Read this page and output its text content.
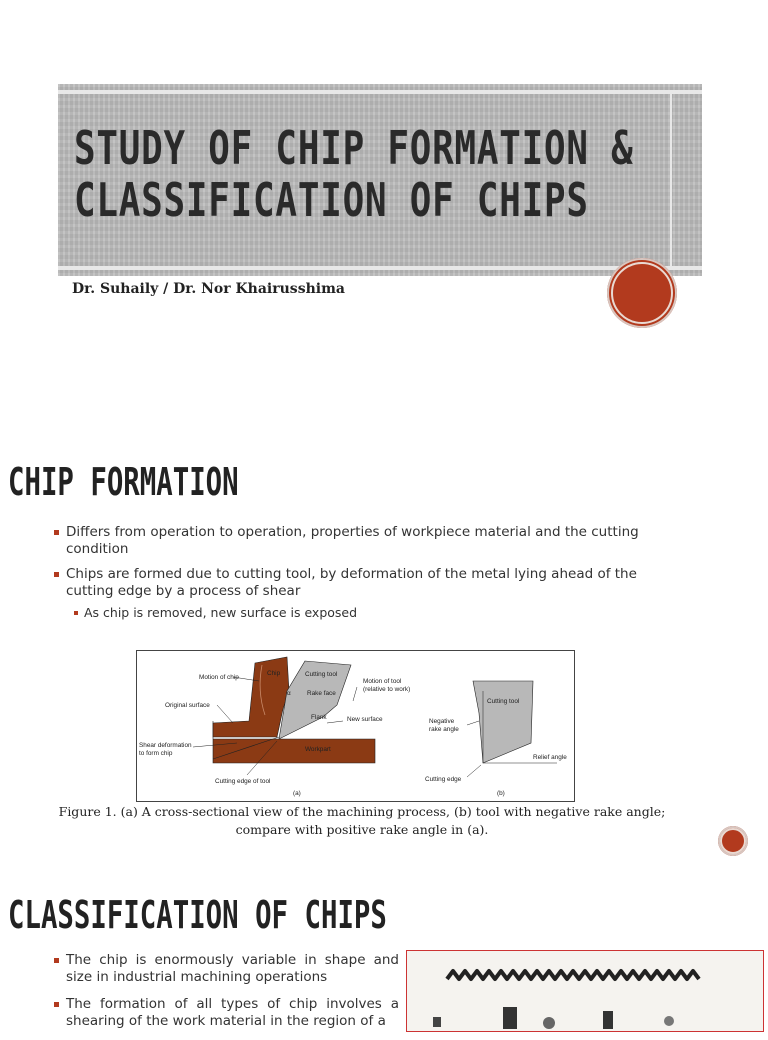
STUDY OF CHIP FORMATION &
CLASSIFICATION OF CHIPS
Dr. Suhaily / Dr. Nor Khairusshima
CHIP FORMATION
Differs from operation to operation, properties of workpiece material and the cutting condition
Chips are formed due to cutting tool, by deformation of the metal lying ahead of the cutting edge by a process of shear
As chip is removed, new surface is exposed
Motion of chip
Chip	Cutting tool
Motion of tool
(relative to work)
α	Rake face
Original surface
Flank	New surface
Shear deformation
to form chip
Workpart
Cutting edge of tool
(a)
Cutting tool
Negative
rake angle
Relief angle
Cutting edge
(b)
Figure 1. (a) A cross-sectional view of the machining process, (b) tool with negative rake angle;
compare with positive rake angle in (a).
CLASSIFICATION OF CHIPS
The chip is enormously variable in shape and size in industrial machining operations
The formation of all types of chip involves a shearing of the work material in the region of a
